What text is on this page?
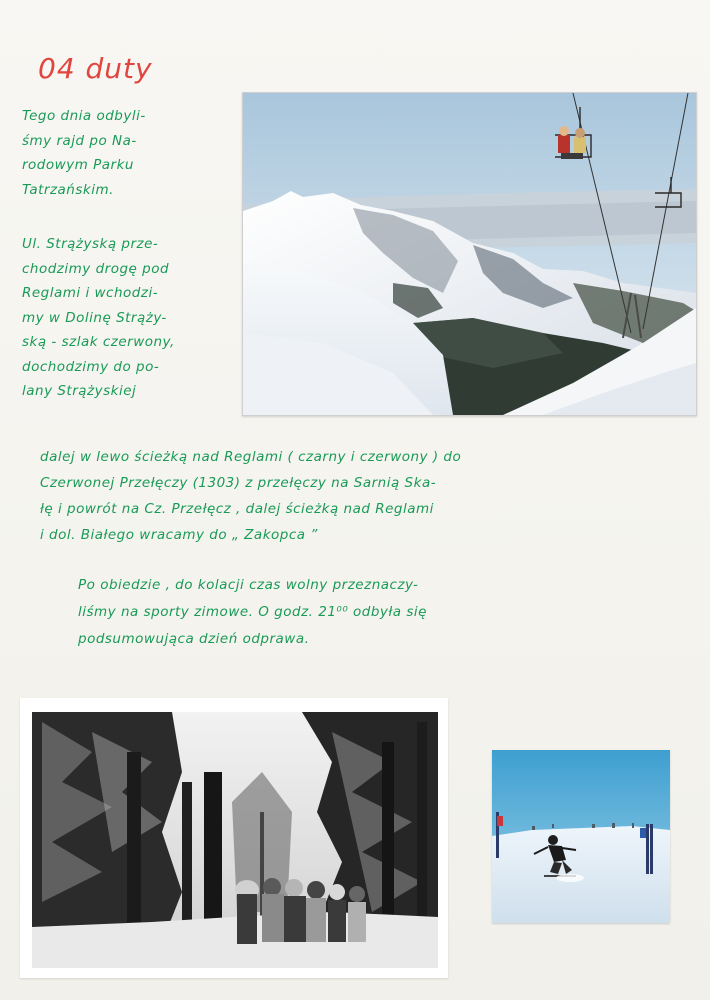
04 duty

Tego dnia odbyli-
śmy rajd po Na-
rodowym Parku
Tatrzańskim.

Ul. Strążyską prze-
chodzimy drogę pod
Reglami i wchodzi-
my w Dolinę Strąży-
ską - szlak czerwony,
dochodzimy do po-
lany Strążyskiej

dalej w lewo ścieżką nad Reglami ( czarny i czerwony ) do
Czerwonej Przełęczy (1303) z przełęczy na Sarnią Ska-
łę i powrót na Cz. Przełęcz , dalej ścieżką nad Reglami
i dol. Białego wracamy do „ Zakopca ”

Po obiedzie , do kolacji czas wolny przeznaczy-
liśmy na sporty zimowe. O godz. 21⁰⁰ odbyła się
podsumowująca dzień odprawa.
